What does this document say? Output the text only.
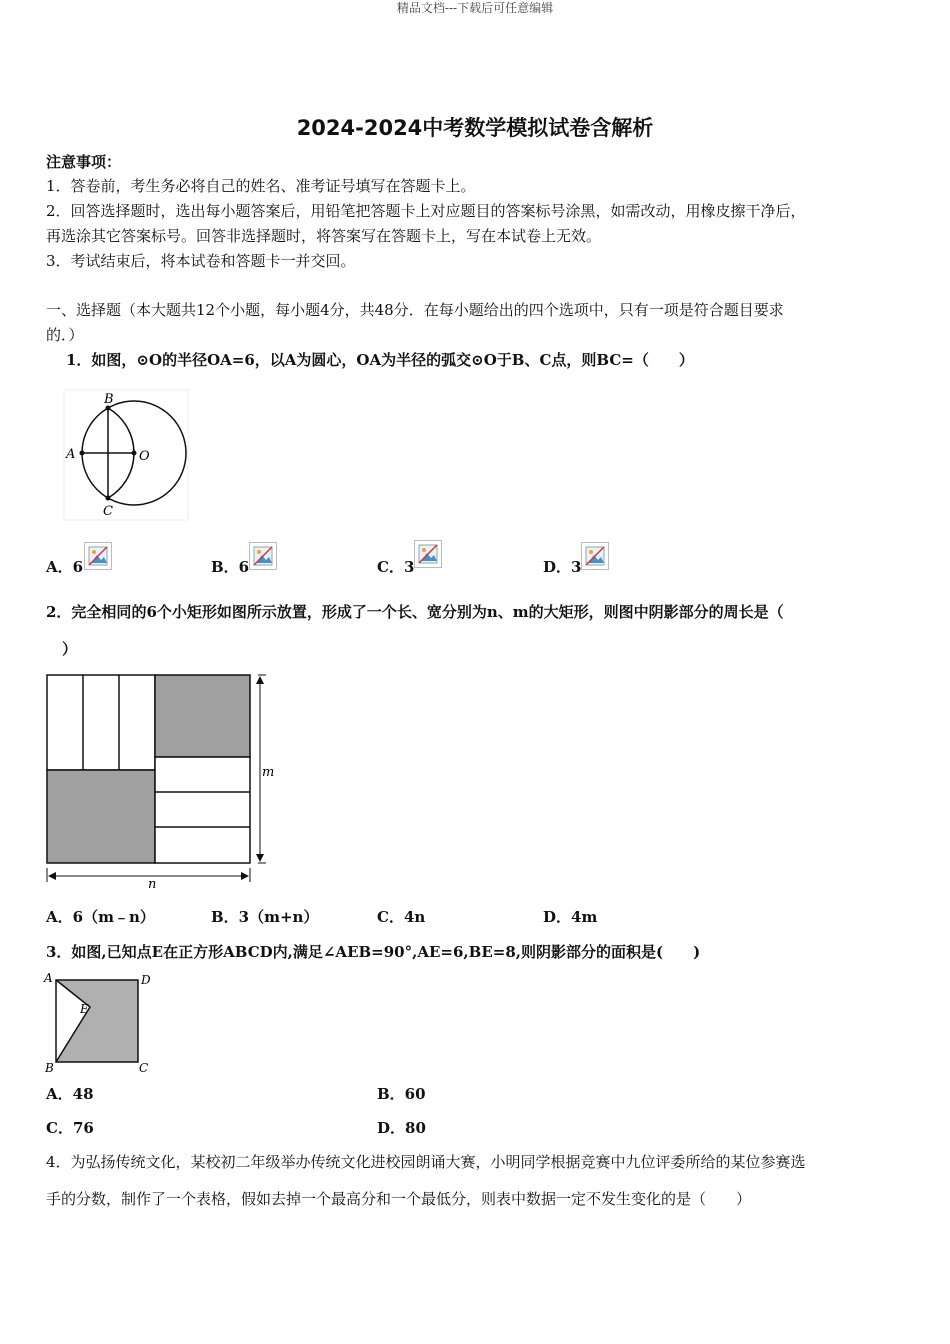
精品文档---下载后可任意编辑
2024-2024中考数学模拟试卷含解析
注意事项：
1．答卷前，考生务必将自己的姓名、准考证号填写在答题卡上。
2．回答选择题时，选出每小题答案后，用铅笔把答题卡上对应题目的答案标号涂黑，如需改动，用橡皮擦干净后，
再选涂其它答案标号。回答非选择题时，将答案写在答题卡上，写在本试卷上无效。
3．考试结束后，将本试卷和答题卡一并交回。
一、选择题（本大题共12个小题，每小题4分，共48分．在每小题给出的四个选项中，只有一项是符合题目要求
的．）
1．如图，⊙O的半径OA=6，以A为圆心，OA为半径的弧交⊙O于B、C点，则BC=（　　）
B
A	O
C
A．6	B．6	C．3	D．3
2．完全相同的6个小矩形如图所示放置，形成了一个长、宽分别为n、m的大矩形，则图中阴影部分的周长是（
）
m
n
A．6（m﹣n）	B．3（m+n）	C．4n	D．4m
3．如图,已知点E在正方形ABCD内,满足∠AEB=90°,AE=6,BE=8,则阴影部分的面积是(　　)
A	D
E
B	C
A．48	B．60
C．76	D．80
4．为弘扬传统文化，某校初二年级举办传统文化进校园朗诵大赛，小明同学根据竞赛中九位评委所给的某位参赛选
手的分数，制作了一个表格，假如去掉一个最高分和一个最低分，则表中数据一定不发生变化的是（　　）
